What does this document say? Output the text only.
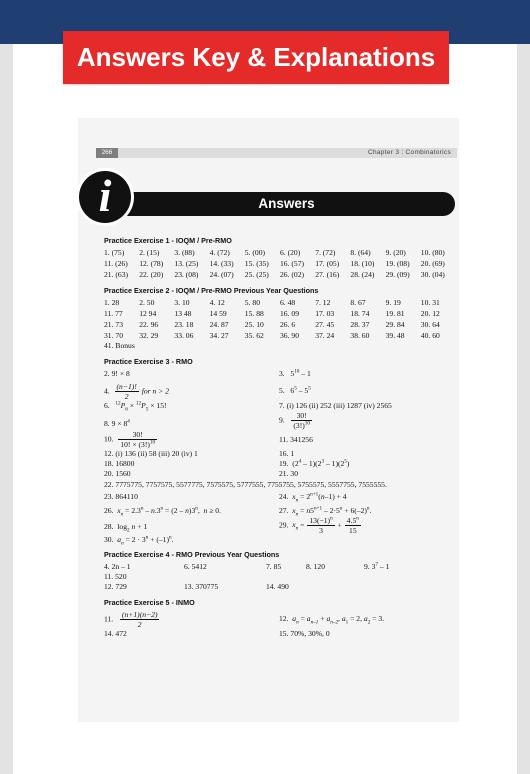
Answers Key & Explanations
266	Chapter 3 : Combinatorics
Answers
i
Practice Exercise 1 - IOQM / Pre-RMO
1. (75)	2. (15)	3. (88)	4. (72)	5. (00)	6. (20)	7. (72)	8. (64)	9. (20)	10. (80)
11. (26)	12. (78)	13. (25)	14. (33)	15. (35)	16. (57)	17. (05)	18. (10)	19. (08)	20. (69)
21. (63)	22. (20)	23. (08)	24. (07)	25. (25)	26. (02)	27. (16)	28. (24)	29. (09)	30. (04)
Practice Exercise 2 - IOQM / Pre-RMO Previous Year Questions
1. 28	2. 50	3. 10	4. 12	5. 80	6. 48	7. 12	8. 67	9. 19	10. 31
11. 77	12 94	13 48	14 59	15. 88	16. 09	17. 03	18. 74	19. 81	20. 12
21. 73	22. 96	23. 18	24. 87	25. 10	26. 6	27. 45	28. 37	29. 84	30. 64
31. 70	32. 29	33. 06	34. 27	35. 62	36. 90	37. 24	38. 60	39. 48	40. 60
41. Bonus
Practice Exercise 3 - RMO
2. 9! × 8	3.   $5^{10} - 1$
4. $\frac{(n-1)!}{2}$ for n > 2	5.   $6^5 - 5^5$
6. $^{12}P_6 \times ^{12}P_5 \times 15$!	7. (i) 126 (ii) 252 (iii) 1287 (iv) 2565
8. $9 \times 8^4$	9. $\frac{30!}{(3!)^{10}}$
10. $\frac{30!}{10! \times (3!)^{10}}$	11. 341256
12. (i) 136 (ii) 58 (iii) 20 (iv) 1	16. 1
18. 16800	19.  $(2^4 - 1)(2^3 - 1)(2^5)$
20. 1560	21. 30
22. 7775775, 7757575, 5577775, 7575575, 5777555, 7755755, 5755575, 5557755, 7555555.
23. 864110	24. $x_n = 2^{n+1}(n-1) + 4$
26. $x_n = 2.3^n - n.3^n = (2 - n)3^n$,  n ≥ 0.	27. $x_n = n5^{n+1} - 2\cdot 5^n + 6(-2)^n$.
28.  $\log_2 n + 1$	29. $x_n = \frac{13(-1)^n}{3} + \frac{4.5^n}{15}$
30. $a_n = 2 \cdot 3^n + (-1)^n$.
Practice Exercise 4 - RMO Previous Year Questions
4. 2n – 1	6. 5412	7. 85	8. 120	9. $3^7 - 1$
11. 520
12. 729	13. 370775	14. 490
Practice Exercise 5 - INMO
11. $\frac{(n+1)(n-2)}{2}$	12. $a_n = a_{n-1} + a_{n-2}$, $a_1 = 2$, $a_2 = 3$.
14. 472	15. 70%, 30%, 0
